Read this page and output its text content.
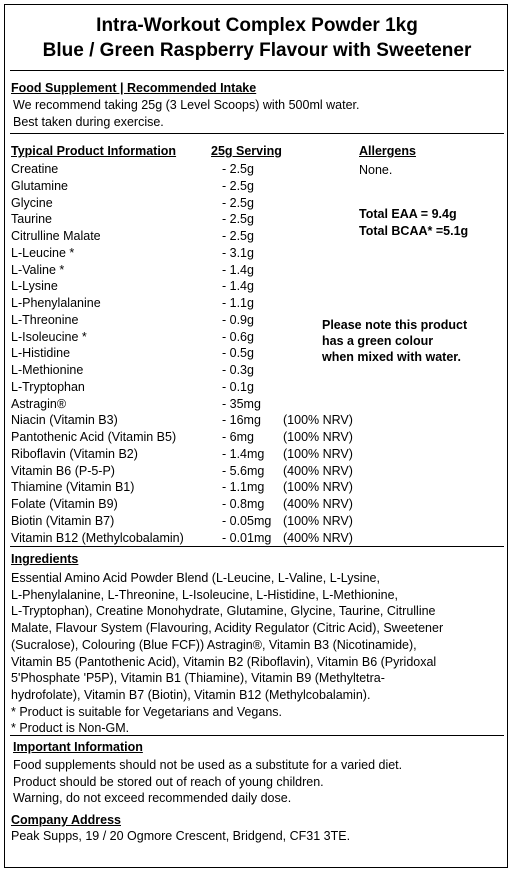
Intra-Workout Complex Powder 1kg
Blue / Green Raspberry Flavour with Sweetener
Food Supplement | Recommended Intake
We recommend taking 25g (3 Level Scoops) with 500ml water.
Best taken during exercise.
Typical Product Information	25g Serving	Allergens
Creatine	- 2.5g
Glutamine	- 2.5g
Glycine	- 2.5g
Taurine	- 2.5g
Citrulline Malate	- 2.5g
L-Leucine *	- 3.1g
L-Valine *	- 1.4g
L-Lysine	- 1.4g
L-Phenylalanine	- 1.1g
L-Threonine	- 0.9g
L-Isoleucine *	- 0.6g
L-Histidine	- 0.5g
L-Methionine	- 0.3g
L-Tryptophan	- 0.1g
Astragin®	- 35mg
Niacin (Vitamin B3)	- 16mg (100% NRV)
Pantothenic Acid (Vitamin B5)	- 6mg (100% NRV)
Riboflavin (Vitamin B2)	- 1.4mg (100% NRV)
Vitamin B6 (P-5-P)	- 5.6mg (400% NRV)
Thiamine (Vitamin B1)	- 1.1mg (100% NRV)
Folate (Vitamin B9)	- 0.8mg (400% NRV)
Biotin (Vitamin B7)	- 0.05mg (100% NRV)
Vitamin B12 (Methylcobalamin)	- 0.01mg (400% NRV)
None.
Total EAA = 9.4g
Total BCAA* =5.1g
Please note this product
has a green colour
when mixed with water.
Ingredients
Essential Amino Acid Powder Blend (L-Leucine, L-Valine, L-Lysine,
L-Phenylalanine, L-Threonine, L-Isoleucine, L-Histidine, L-Methionine,
L-Tryptophan), Creatine Monohydrate, Glutamine, Glycine, Taurine, Citrulline
Malate, Flavour System (Flavouring, Acidity Regulator (Citric Acid), Sweetener
(Sucralose), Colouring (Blue FCF)) Astragin®, Vitamin B3 (Nicotinamide),
Vitamin B5 (Pantothenic Acid), Vitamin B2 (Riboflavin), Vitamin B6 (Pyridoxal
5'Phosphate 'P5P), Vitamin B1 (Thiamine), Vitamin B9 (Methyltetra-
hydrofolate), Vitamin B7 (Biotin), Vitamin B12 (Methylcobalamin).
* Product is suitable for Vegetarians and Vegans.
* Product is Non-GM.
Important Information
Food supplements should not be used as a substitute for a varied diet.
Product should be stored out of reach of young children.
Warning, do not exceed recommended daily dose.
Company Address
Peak Supps, 19 / 20 Ogmore Crescent, Bridgend, CF31 3TE.
